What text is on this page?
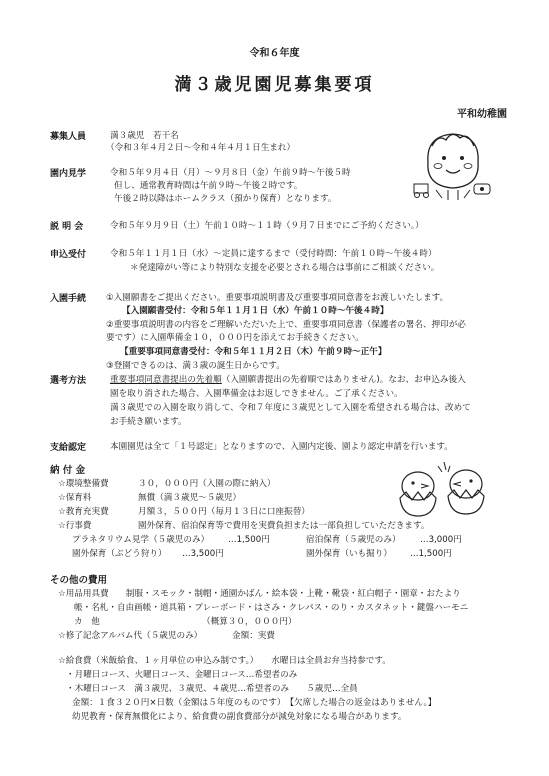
令和６年度
満３歳児園児募集要項
平和幼稚園
募集人員	満３歳児　若干名
（令和３年４月２日～令和４年４月１日生まれ）
園内見学	令和５年９月４日（月）～９月８日（金）午前９時～午後５時
但し、通常教育時間は午前９時～午後２時です。
午後２時以降はホームクラス（預かり保育）となります。
説 明 会	令和５年９月９日（土）午前１０時～１１時（９月７日までにご予約ください。）
申込受付	令和５年１１月１日（水）～定員に達するまで（受付時間：午前１０時～午後４時）
＊発達障がい等により特別な支援を必要とされる場合は事前にご相談ください。
入園手続 ①入園願書をご提出ください。重要事項説明書及び重要事項同意書をお渡しいたします。
【入園願書受付：令和５年１１月１日（水）午前１０時～午後４時】
②重要事項説明書の内容をご理解いただいた上で、重要事項同意書（保護者の署名、押印が必
要です）に入園準備金１０，０００円を添えてお手続きください。
【重要事項同意書受付：令和５年１１月２日（木）午前９時～正午】
③登園できるのは、満３歳の誕生日からです。
選考方法	重要事項同意書提出の先着順（入園願書提出の先着順ではありません)。なお、お申込み後入
園を取り消された場合、入園準備金はお返しできません。ご了承ください。
満３歳児での入園を取り消して、令和７年度に３歳児として入園を希望される場合は、改めて
お手続き願います。
支給認定	本園園児は全て「１号認定」となりますので、入園内定後、園より認定申請を行います。
納 付 金
☆環境整備費	３０，０００円（入園の際に納入）
☆保育料	無償（満３歳児～５歳児）
☆教育充実費	月額３，５００円（毎月１３日に口座振替）
☆行事費	園外保育、宿泊保育等で費用を実費負担または一部負担していただきます。
プラネタリウム見学（５歳児のみ） …1,500円	宿泊保育（５歳児のみ） …3,000円
園外保育（ぶどう狩り） …3,500円	園外保育（いも掘り） …1,500円
その他の費用
☆用品用具費　　制服・スモック・制帽・通園かばん・絵本袋・上靴・靴袋・紅白帽子・園章・おたより
帳・名札・自由画帳・道具箱・プレーボード・はさみ・クレパス・のり・カスタネット・鍵盤ハーモニ
カ　他	（概算３０，０００円）
☆修了記念アルバム代（５歳児のみ）	金額：実費
☆給食費（米飯給食、１ヶ月単位の申込み制です。）　　水曜日は全員お弁当持参です。
・月曜日コース、火曜日コース、金曜日コース…希望者のみ
・木曜日コース　満３歳児、３歳児、４歳児…希望者のみ　　５歳児…全員
金額：１食３２０円×日数（金額は５年度のものです）　【欠席した場合の返金はありません。】
幼児教育・保育無償化により、給食費の副食費部分が減免対象になる場合があります。
